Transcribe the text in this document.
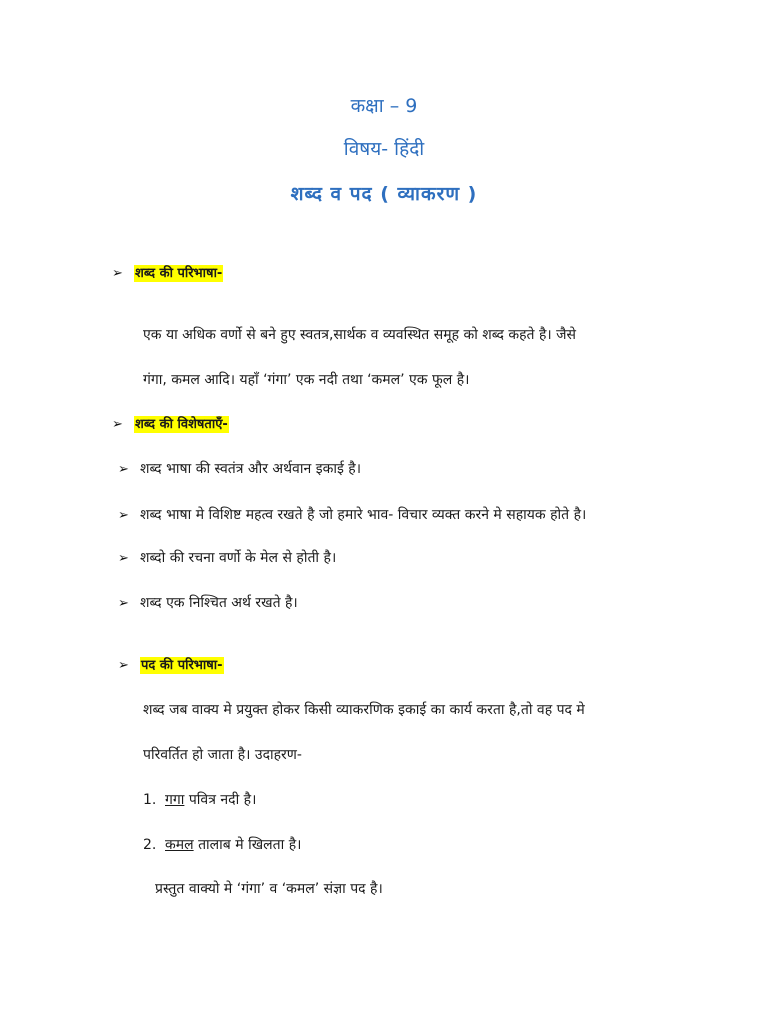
कक्षा – 9
विषय- हिंदी
शब्द व पद ( व्याकरण )
➢ शब्द की परिभाषा-
एक या अधिक वर्णो से बने हुए स्वतत्र,सार्थक व व्यवस्थित समूह को शब्द कहते है। जैसे
गंगा, कमल आदि। यहाँ ‘गंगा’ एक नदी तथा ‘कमल’ एक फूल है।
➢ शब्द की विशेषताएँ-
➢ शब्द भाषा की स्वतंत्र और अर्थवान इकाई है।
➢ शब्द भाषा मे विशिष्ट महत्व रखते है जो हमारे भाव- विचार व्यक्त करने मे सहायक होते है।
➢ शब्दो की रचना वर्णो के मेल से होती है।
➢ शब्द एक निश्चित अर्थ रखते है।
➢ पद की परिभाषा-
शब्द जब वाक्य मे प्रयुक्त होकर किसी व्याकरणिक इकाई का कार्य करता है,तो वह पद मे
परिवर्तित हो जाता है। उदाहरण-
1. गगा पवित्र नदी है।
2. कमल तालाब मे खिलता है।
प्रस्तुत वाक्यो मे ‘गंगा’ व ‘कमल’ संज्ञा पद है।
